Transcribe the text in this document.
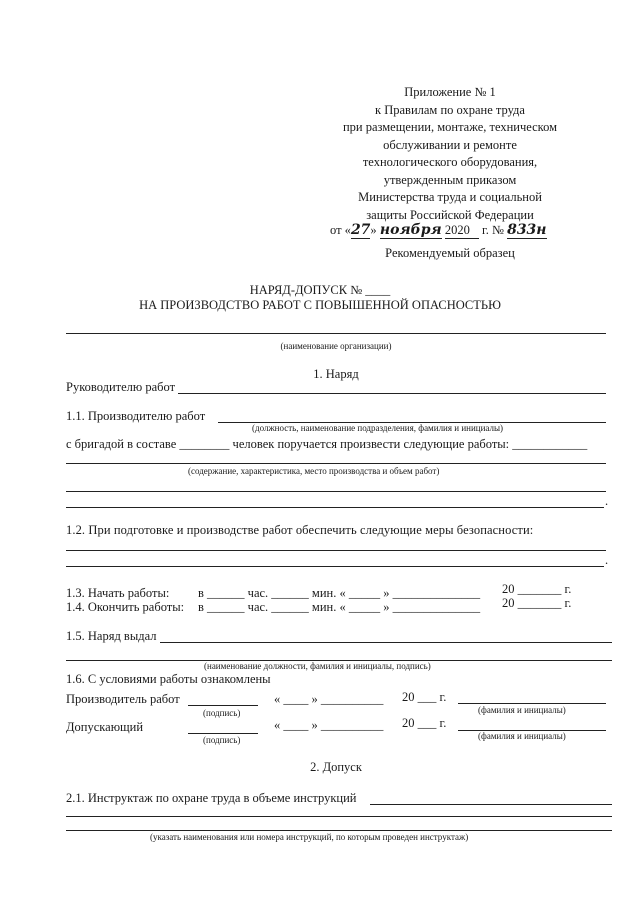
Приложение № 1
к Правилам по охране труда
при размещении, монтаже, техническом
обслуживании и ремонте
технологического оборудования,
утвержденным приказом
Министерства труда и социальной
защиты Российской Федерации
от «27» ноября 2020 г. № 833н
Рекомендуемый образец
НАРЯД-ДОПУСК № ____
НА ПРОИЗВОДСТВО РАБОТ С ПОВЫШЕННОЙ ОПАСНОСТЬЮ
(наименование организации)
1. Наряд
Руководителю работ
1.1. Производителю работ
(должность, наименование подразделения, фамилия и инициалы)
с бригадой в составе ________ человек поручается произвести следующие работы: ____________
(содержание, характеристика, место производства и объем работ)
.
1.2. При подготовке и производстве работ обеспечить следующие меры безопасности:
.
1.3. Начать работы: в ______ час. ______ мин. « _____ » ______________ 20 _______ г.
1.4. Окончить работы: в ______ час. ______ мин. « _____ » ______________ 20 _______ г.
1.5. Наряд выдал
(наименование должности, фамилия и инициалы, подпись)
1.6. С условиями работы ознакомлены
Производитель работ
(подпись)
« ____ » __________ 20 ___ г.
(фамилия и инициалы)
Допускающий
(подпись)
« ____ » __________ 20 ___ г.
(фамилия и инициалы)
2. Допуск
2.1. Инструктаж по охране труда в объеме инструкций
(указать наименования или номера инструкций, по которым проведен инструктаж)
